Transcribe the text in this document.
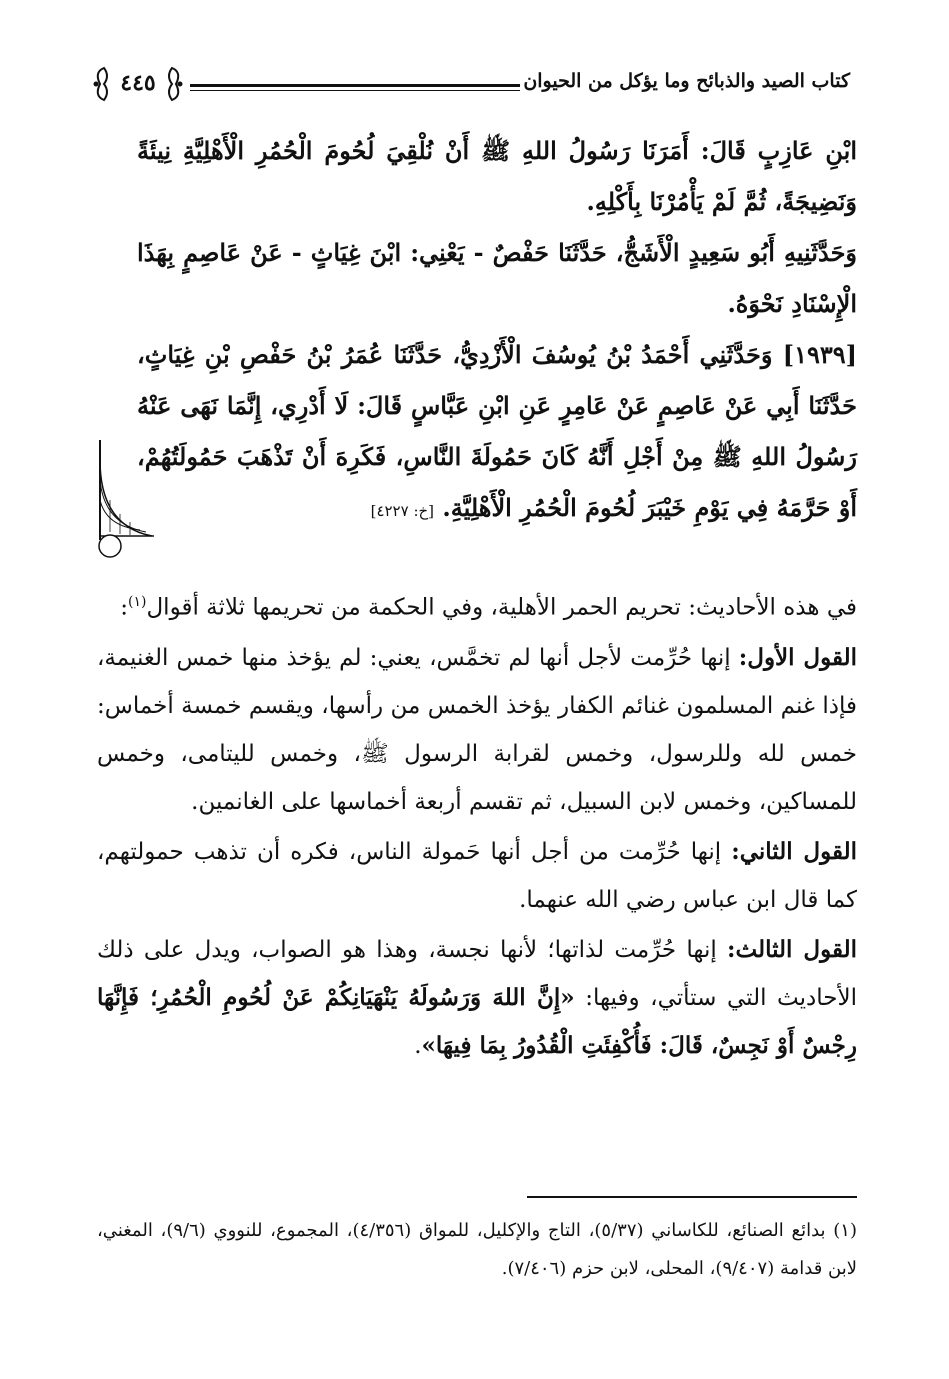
كتاب الصيد والذبائح وما يؤكل من الحيوان
٤٤٥

ابْنِ عَازِبٍ قَالَ: أَمَرَنَا رَسُولُ اللهِ ﷺ أَنْ نُلْقِيَ لُحُومَ الْحُمُرِ الْأَهْلِيَّةِ نِيئَةً وَنَضِيجَةً، ثُمَّ لَمْ يَأْمُرْنَا بِأَكْلِهِ.

وَحَدَّثَنِيهِ أَبُو سَعِيدٍ الْأَشَجُّ، حَدَّثَنَا حَفْصٌ - يَعْنِي: ابْنَ غِيَاثٍ - عَنْ عَاصِمٍ بِهَذَا الْإِسْنَادِ نَحْوَهُ.

[١٩٣٩] وَحَدَّثَنِي أَحْمَدُ بْنُ يُوسُفَ الْأَزْدِيُّ، حَدَّثَنَا عُمَرُ بْنُ حَفْصِ بْنِ غِيَاثٍ، حَدَّثَنَا أَبِي عَنْ عَاصِمٍ عَنْ عَامِرٍ عَنِ ابْنِ عَبَّاسٍ قَالَ: لَا أَدْرِي، إِنَّمَا نَهَى عَنْهُ رَسُولُ اللهِ ﷺ مِنْ أَجْلِ أَنَّهُ كَانَ حَمُولَةَ النَّاسِ، فَكَرِهَ أَنْ تَذْهَبَ حَمُولَتُهُمْ، أَوْ حَرَّمَهُ فِي يَوْمِ خَيْبَرَ لُحُومَ الْحُمُرِ الْأَهْلِيَّةِ. [خ: ٤٢٢٧]

في هذه الأحاديث: تحريم الحمر الأهلية، وفي الحكمة من تحريمها ثلاثة أقوال$^{(١)}$:

القول الأول: إنها حُرِّمت لأجل أنها لم تخمَّس، يعني: لم يؤخذ منها خمس الغنيمة، فإذا غنم المسلمون غنائم الكفار يؤخذ الخمس من رأسها، ويقسم خمسة أخماس: خمس لله وللرسول، وخمس لقرابة الرسول ﷺ، وخمس لليتامى، وخمس للمساكين، وخمس لابن السبيل، ثم تقسم أربعة أخماسها على الغانمين.

القول الثاني: إنها حُرِّمت من أجل أنها حَمولة الناس، فكره أن تذهب حمولتهم، كما قال ابن عباس رضي الله عنهما.

القول الثالث: إنها حُرِّمت لذاتها؛ لأنها نجسة، وهذا هو الصواب، ويدل على ذلك الأحاديث التي ستأتي، وفيها: «إِنَّ اللهَ وَرَسُولَهُ يَنْهَيَانِكُمْ عَنْ لُحُومِ الْحُمُرِ؛ فَإِنَّهَا رِجْسٌ أَوْ نَجِسٌ، قَالَ: فَأُكْفِئَتِ الْقُدُورُ بِمَا فِيهَا».

(١) بدائع الصنائع، للكاساني (٥/٣٧)، التاج والإكليل، للمواق (٤/٣٥٦)، المجموع، للنووي (٩/٦)، المغني، لابن قدامة (٩/٤٠٧)، المحلى، لابن حزم (٧/٤٠٦).
